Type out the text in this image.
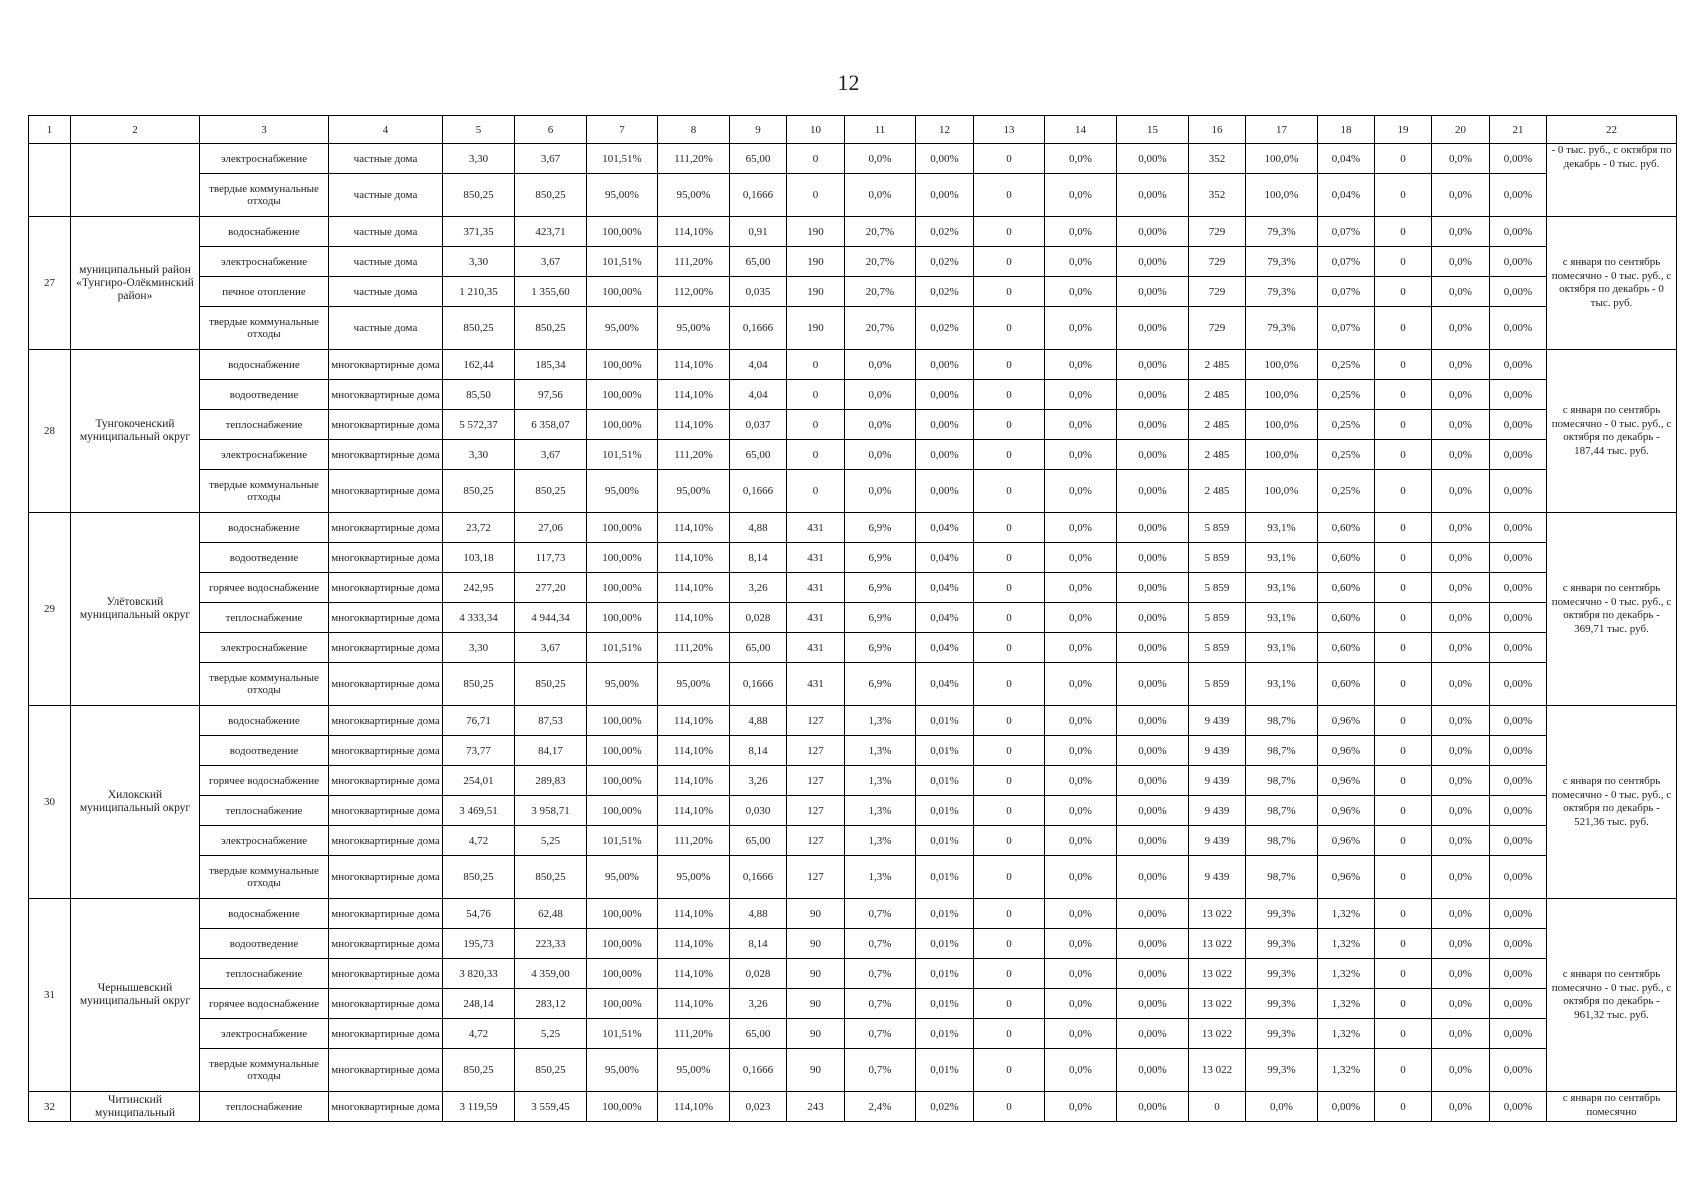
12
1	2	3	4	5	6	7	8	9	10	11	12	13	14	15	16	17	18	19	20	21	22
		электроснабжение	частные дома	3,30	3,67	101,51%	111,20%	65,00	0	0,0%	0,00%	0	0,0%	0,00%	352	100,0%	0,04%	0	0,0%	0,00%	- 0 тыс. руб., с октября по декабрь - 0 тыс. руб.
		твердые коммунальные отходы	частные дома	850,25	850,25	95,00%	95,00%	0,1666	0	0,0%	0,00%	0	0,0%	0,00%	352	100,0%	0,04%	0	0,0%	0,00%	
27	муниципальный район «Тунгиро-Олёкминский район»	водоснабжение	частные дома	371,35	423,71	100,00%	114,10%	0,91	190	20,7%	0,02%	0	0,0%	0,00%	729	79,3%	0,07%	0	0,0%	0,00%	с января по сентябрь помесячно - 0 тыс. руб., с октября по декабрь - 0 тыс. руб.
		электроснабжение	частные дома	3,30	3,67	101,51%	111,20%	65,00	190	20,7%	0,02%	0	0,0%	0,00%	729	79,3%	0,07%	0	0,0%	0,00%	
		печное отопление	частные дома	1 210,35	1 355,60	100,00%	112,00%	0,035	190	20,7%	0,02%	0	0,0%	0,00%	729	79,3%	0,07%	0	0,0%	0,00%	
		твердые коммунальные отходы	частные дома	850,25	850,25	95,00%	95,00%	0,1666	190	20,7%	0,02%	0	0,0%	0,00%	729	79,3%	0,07%	0	0,0%	0,00%	
28	Тунгокоченский муниципальный округ	водоснабжение	многоквартирные дома	162,44	185,34	100,00%	114,10%	4,04	0	0,0%	0,00%	0	0,0%	0,00%	2 485	100,0%	0,25%	0	0,0%	0,00%	с января по сентябрь помесячно - 0 тыс. руб., с октября по декабрь - 187,44 тыс. руб.
		водоотведение	многоквартирные дома	85,50	97,56	100,00%	114,10%	4,04	0	0,0%	0,00%	0	0,0%	0,00%	2 485	100,0%	0,25%	0	0,0%	0,00%	
		теплоснабжение	многоквартирные дома	5 572,37	6 358,07	100,00%	114,10%	0,037	0	0,0%	0,00%	0	0,0%	0,00%	2 485	100,0%	0,25%	0	0,0%	0,00%	
		электроснабжение	многоквартирные дома	3,30	3,67	101,51%	111,20%	65,00	0	0,0%	0,00%	0	0,0%	0,00%	2 485	100,0%	0,25%	0	0,0%	0,00%	
		твердые коммунальные отходы	многоквартирные дома	850,25	850,25	95,00%	95,00%	0,1666	0	0,0%	0,00%	0	0,0%	0,00%	2 485	100,0%	0,25%	0	0,0%	0,00%	
29	Улётовский муниципальный округ	водоснабжение	многоквартирные дома	23,72	27,06	100,00%	114,10%	4,88	431	6,9%	0,04%	0	0,0%	0,00%	5 859	93,1%	0,60%	0	0,0%	0,00%	с января по сентябрь помесячно - 0 тыс. руб., с октября по декабрь - 369,71 тыс. руб.
		водоотведение	многоквартирные дома	103,18	117,73	100,00%	114,10%	8,14	431	6,9%	0,04%	0	0,0%	0,00%	5 859	93,1%	0,60%	0	0,0%	0,00%	
		горячее водоснабжение	многоквартирные дома	242,95	277,20	100,00%	114,10%	3,26	431	6,9%	0,04%	0	0,0%	0,00%	5 859	93,1%	0,60%	0	0,0%	0,00%	
		теплоснабжение	многоквартирные дома	4 333,34	4 944,34	100,00%	114,10%	0,028	431	6,9%	0,04%	0	0,0%	0,00%	5 859	93,1%	0,60%	0	0,0%	0,00%	
		электроснабжение	многоквартирные дома	3,30	3,67	101,51%	111,20%	65,00	431	6,9%	0,04%	0	0,0%	0,00%	5 859	93,1%	0,60%	0	0,0%	0,00%	
		твердые коммунальные отходы	многоквартирные дома	850,25	850,25	95,00%	95,00%	0,1666	431	6,9%	0,04%	0	0,0%	0,00%	5 859	93,1%	0,60%	0	0,0%	0,00%	
30	Хилокский муниципальный округ	водоснабжение	многоквартирные дома	76,71	87,53	100,00%	114,10%	4,88	127	1,3%	0,01%	0	0,0%	0,00%	9 439	98,7%	0,96%	0	0,0%	0,00%	с января по сентябрь помесячно - 0 тыс. руб., с октября по декабрь - 521,36 тыс. руб.
		водоотведение	многоквартирные дома	73,77	84,17	100,00%	114,10%	8,14	127	1,3%	0,01%	0	0,0%	0,00%	9 439	98,7%	0,96%	0	0,0%	0,00%	
		горячее водоснабжение	многоквартирные дома	254,01	289,83	100,00%	114,10%	3,26	127	1,3%	0,01%	0	0,0%	0,00%	9 439	98,7%	0,96%	0	0,0%	0,00%	
		теплоснабжение	многоквартирные дома	3 469,51	3 958,71	100,00%	114,10%	0,030	127	1,3%	0,01%	0	0,0%	0,00%	9 439	98,7%	0,96%	0	0,0%	0,00%	
		электроснабжение	многоквартирные дома	4,72	5,25	101,51%	111,20%	65,00	127	1,3%	0,01%	0	0,0%	0,00%	9 439	98,7%	0,96%	0	0,0%	0,00%	
		твердые коммунальные отходы	многоквартирные дома	850,25	850,25	95,00%	95,00%	0,1666	127	1,3%	0,01%	0	0,0%	0,00%	9 439	98,7%	0,96%	0	0,0%	0,00%	
31	Чернышевский муниципальный округ	водоснабжение	многоквартирные дома	54,76	62,48	100,00%	114,10%	4,88	90	0,7%	0,01%	0	0,0%	0,00%	13 022	99,3%	1,32%	0	0,0%	0,00%	с января по сентябрь помесячно - 0 тыс. руб., с октября по декабрь - 961,32 тыс. руб.
		водоотведение	многоквартирные дома	195,73	223,33	100,00%	114,10%	8,14	90	0,7%	0,01%	0	0,0%	0,00%	13 022	99,3%	1,32%	0	0,0%	0,00%	
		теплоснабжение	многоквартирные дома	3 820,33	4 359,00	100,00%	114,10%	0,028	90	0,7%	0,01%	0	0,0%	0,00%	13 022	99,3%	1,32%	0	0,0%	0,00%	
		горячее водоснабжение	многоквартирные дома	248,14	283,12	100,00%	114,10%	3,26	90	0,7%	0,01%	0	0,0%	0,00%	13 022	99,3%	1,32%	0	0,0%	0,00%	
		электроснабжение	многоквартирные дома	4,72	5,25	101,51%	111,20%	65,00	90	0,7%	0,01%	0	0,0%	0,00%	13 022	99,3%	1,32%	0	0,0%	0,00%	
		твердые коммунальные отходы	многоквартирные дома	850,25	850,25	95,00%	95,00%	0,1666	90	0,7%	0,01%	0	0,0%	0,00%	13 022	99,3%	1,32%	0	0,0%	0,00%	
32	Читинский муниципальный	теплоснабжение	многоквартирные дома	3 119,59	3 559,45	100,00%	114,10%	0,023	243	2,4%	0,02%	0	0,0%	0,00%	0	0,0%	0,00%	0	0,0%	0,00%	с января по сентябрь помесячно
